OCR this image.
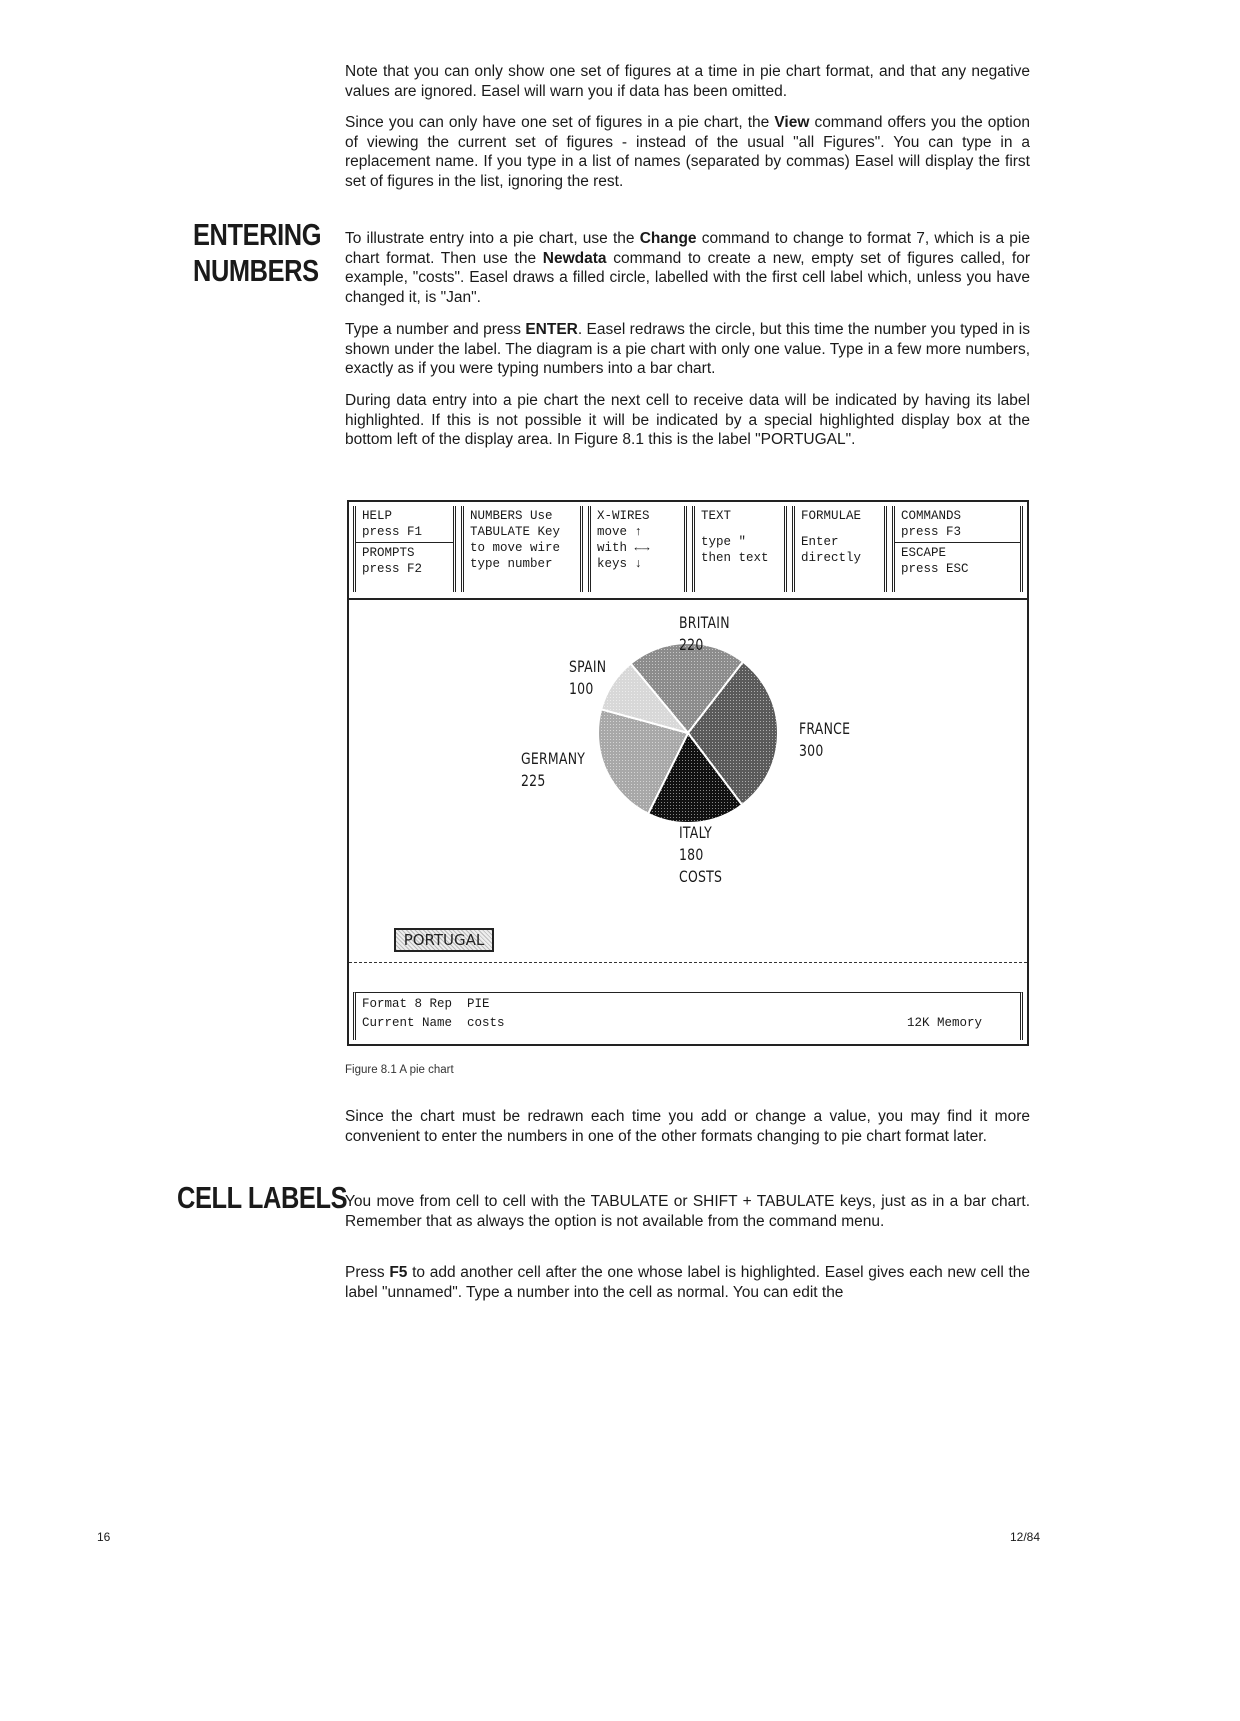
Note that you can only show one set of figures at a time in pie chart format, and that any negative values are ignored. Easel will warn you if data has been omitted.

Since you can only have one set of figures in a pie chart, the View command offers you the option of viewing the current set of figures - instead of the usual "all Figures". You can type in a replacement name. If you type in a list of names (separated by commas) Easel will display the first set of figures in the list, ignoring the rest.

ENTERING
NUMBERS

To illustrate entry into a pie chart, use the Change command to change to format 7, which is a pie chart format. Then use the Newdata command to create a new, empty set of figures called, for example, "costs". Easel draws a filled circle, labelled with the first cell label which, unless you have changed it, is "Jan".

Type a number and press ENTER. Easel redraws the circle, but this time the number you typed in is shown under the label. The diagram is a pie chart with only one value. Type in a few more numbers, exactly as if you were typing numbers into a bar chart.

During data entry into a pie chart the next cell to receive data will be indicated by having its label highlighted. If this is not possible it will be indicated by a special highlighted display box at the bottom left of the display area. In Figure 8.1 this is the label "PORTUGAL".

HELP
press F1
PROMPTS
press F2
NUMBERS Use
TABULATE Key
to move wire
type number
X-WIRES
move ↑
with ←→
keys ↓
TEXT
type "
then text
FORMULAE
Enter
directly
COMMANDS
press F3
ESCAPE
press ESC
BRITAIN
220
SPAIN
100
FRANCE
300
GERMANY
225
ITALY
180
COSTS
PORTUGAL
Format 8 Rep PIE
Current Name costs	12K Memory
Figure 8.1 A pie chart

Since the chart must be redrawn each time you add or change a value, you may find it more convenient to enter the numbers in one of the other formats changing to pie chart format later.

CELL LABELS

You move from cell to cell with the TABULATE or SHIFT + TABULATE keys, just as in a bar chart. Remember that as always the option is not available from the command menu.

Press F5 to add another cell after the one whose label is highlighted. Easel gives each new cell the label "unnamed". Type a number into the cell as normal. You can edit the

16	12/84
